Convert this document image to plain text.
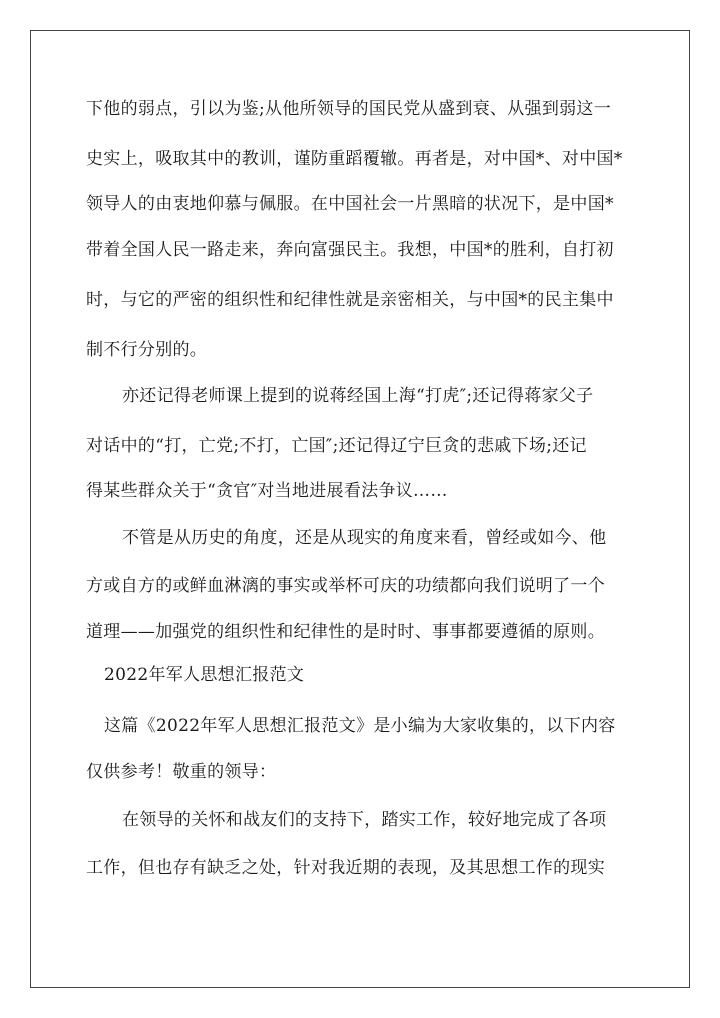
下他的弱点，引以为鉴;从他所领导的国民党从盛到衰、从强到弱这一
史实上，吸取其中的教训，谨防重蹈覆辙。再者是，对中国*、对中国*
领导人的由衷地仰慕与佩服。在中国社会一片黑暗的状况下，是中国*
带着全国人民一路走来，奔向富强民主。我想，中国*的胜利，自打初
时，与它的严密的组织性和纪律性就是亲密相关，与中国*的民主集中
制不行分别的。
亦还记得老师课上提到的说蒋经国上海“打虎″;还记得蒋家父子
对话中的“打，亡党;不打，亡国″;还记得辽宁巨贪的悲戚下场;还记
得某些群众关于“贪官″对当地进展看法争议……
不管是从历史的角度，还是从现实的角度来看，曾经或如今、他
方或自方的或鲜血淋漓的事实或举杯可庆的功绩都向我们说明了一个
道理——加强党的组织性和纪律性的是时时、事事都要遵循的原则。
2022年军人思想汇报范文
这篇《2022年军人思想汇报范文》是小编为大家收集的，以下内容
仅供参考！敬重的领导：
在领导的关怀和战友们的支持下，踏实工作，较好地完成了各项
工作，但也存有缺乏之处，针对我近期的表现，及其思想工作的现实
